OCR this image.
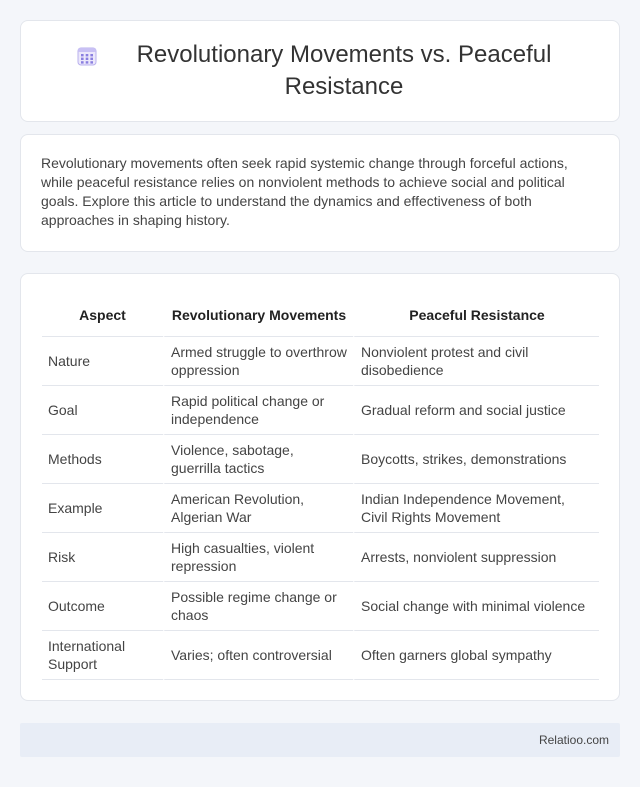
Revolutionary Movements vs. Peaceful Resistance

Revolutionary movements often seek rapid systemic change through forceful actions, while peaceful resistance relies on nonviolent methods to achieve social and political goals. Explore this article to understand the dynamics and effectiveness of both approaches in shaping history.

Aspect	Revolutionary Movements	Peaceful Resistance
Nature	Armed struggle to overthrow oppression	Nonviolent protest and civil disobedience
Goal	Rapid political change or independence	Gradual reform and social justice
Methods	Violence, sabotage, guerrilla tactics	Boycotts, strikes, demonstrations
Example	American Revolution, Algerian War	Indian Independence Movement, Civil Rights Movement
Risk	High casualties, violent repression	Arrests, nonviolent suppression
Outcome	Possible regime change or chaos	Social change with minimal violence
International Support	Varies; often controversial	Often garners global sympathy
Relatioo.com
